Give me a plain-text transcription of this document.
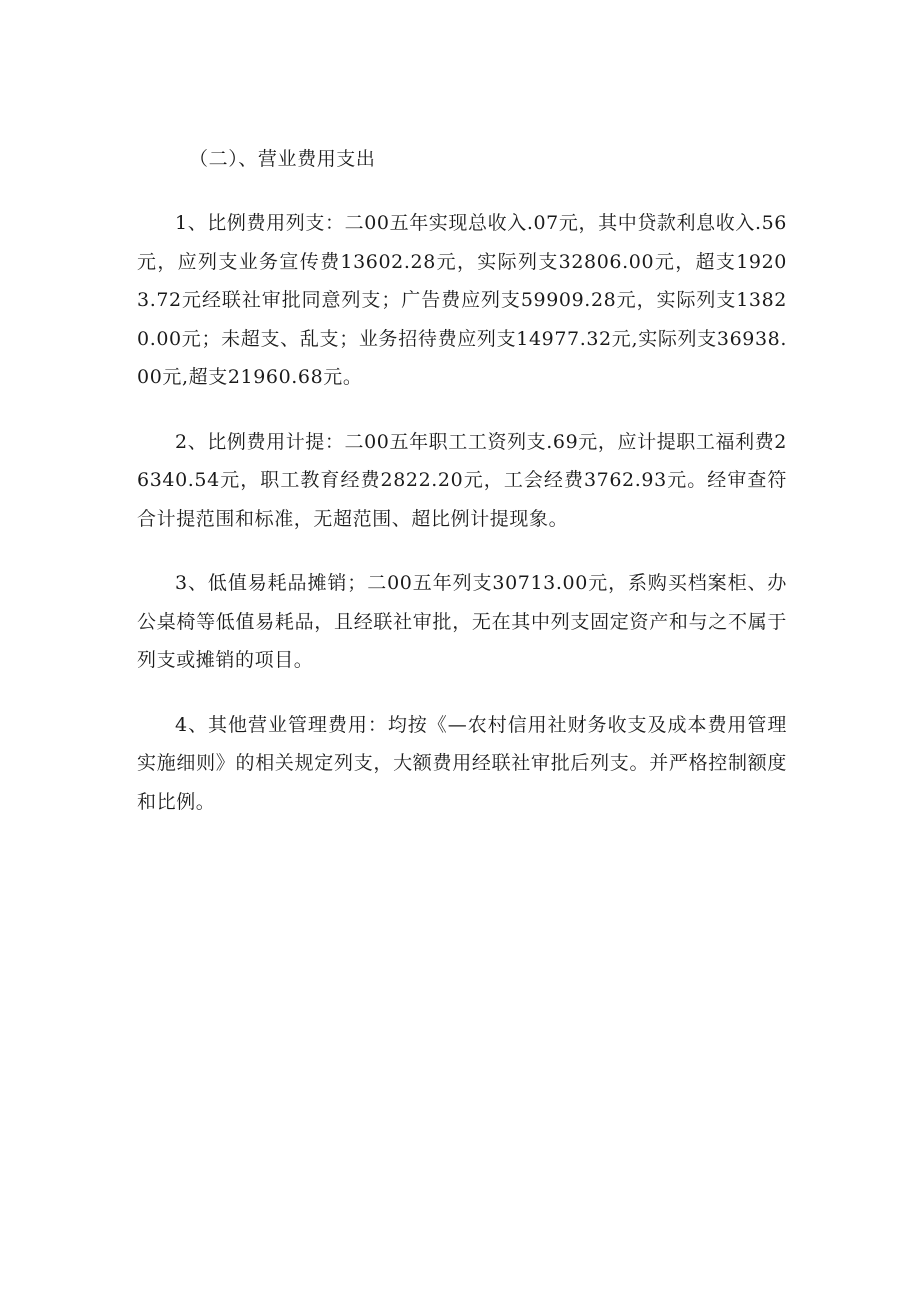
（二）、营业费用支出

1、比例费用列支：二00五年实现总收入.07元，其中贷款利息收入.56元，应列支业务宣传费13602.28元，实际列支32806.00元，超支19203.72元经联社审批同意列支；广告费应列支59909.28元，实际列支13820.00元；未超支、乱支；业务招待费应列支14977.32元,实际列支36938.00元,超支21960.68元。

2、比例费用计提：二00五年职工工资列支.69元，应计提职工福利费26340.54元，职工教育经费2822.20元，工会经费3762.93元。经审查符合计提范围和标准，无超范围、超比例计提现象。

3、低值易耗品摊销；二00五年列支30713.00元，系购买档案柜、办公桌椅等低值易耗品，且经联社审批，无在其中列支固定资产和与之不属于列支或摊销的项目。

4、其他营业管理费用：均按《—农村信用社财务收支及成本费用管理实施细则》的相关规定列支，大额费用经联社审批后列支。并严格控制额度和比例。
